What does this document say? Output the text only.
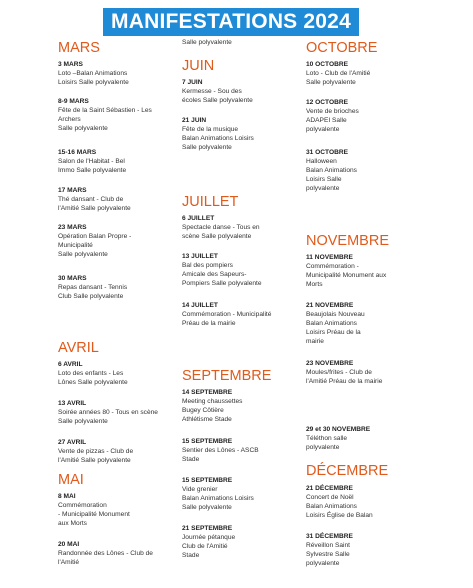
MANIFESTATIONS 2024
MARS
3 MARS
Loto –Balan Animations
Loisirs Salle polyvalente
8-9 MARS
Fête de la Saint Sébastien - Les
Archers
Salle polyvalente
15-16 MARS
Salon de l'Habitat - Bel
Immo Salle polyvalente
17 MARS
Thé dansant - Club de
l'Amitié Salle polyvalente
23 MARS
Opération Balan Propre -
Municipalité
Salle polyvalente
30 MARS
Repas dansant - Tennis
Club Salle polyvalente
AVRIL
6 AVRIL
Loto des enfants - Les
Lônes Salle polyvalente
13 AVRIL
Soirée années 80 - Tous en scène
Salle polyvalente
27 AVRIL
Vente de pizzas - Club de
l'Amitié Salle polyvalente
MAI
8 MAI
Commémoration
- Municipalité Monument
aux Morts
20 MAI
Randonnée des Lônes - Club de
l'Amitié
Salle polyvalente
JUIN
7 JUIN
Kermesse - Sou des
écoles Salle polyvalente
21 JUIN
Fête de la musique
Balan Animations Loisirs
Salle polyvalente
JUILLET
6 JUILLET
Spectacle danse - Tous en
scène Salle polyvalente
13 JUILLET
Bal des pompiers
Amicale des Sapeurs-
Pompiers Salle polyvalente
14 JUILLET
Commémoration - Municipalité
Préau de la mairie
SEPTEMBRE
14 SEPTEMBRE
Meeting chaussettes
Bugey Côtière
Athlétisme Stade
15 SEPTEMBRE
Sentier des Lônes - ASCB
Stade
15 SEPTEMBRE
Vide grenier
Balan Animations Loisirs
Salle polyvalente
21 SEPTEMBRE
Journée pétanque
Club de l'Amitié
Stade
OCTOBRE
10 OCTOBRE
Loto - Club de l'Amitié
Salle polyvalente
12 OCTOBRE
Vente de brioches
ADAPEI Salle
polyvalente
31 OCTOBRE
Halloween
Balan Animations
Loisirs Salle
polyvalente
NOVEMBRE
11 NOVEMBRE
Commémoration -
Municipalité Monument aux
Morts
21 NOVEMBRE
Beaujolais Nouveau
Balan Animations
Loisirs Préau de la
mairie
23 NOVEMBRE
Moules/frites - Club de
l'Amitié Préau de la mairie
29 et 30 NOVEMBRE
Téléthon salle
polyvalente
DÉCEMBRE
21 DÉCEMBRE
Concert de Noël
Balan Animations
Loisirs Église de Balan
31 DÉCEMBRE
Réveillon Saint
Sylvestre Salle
polyvalente
